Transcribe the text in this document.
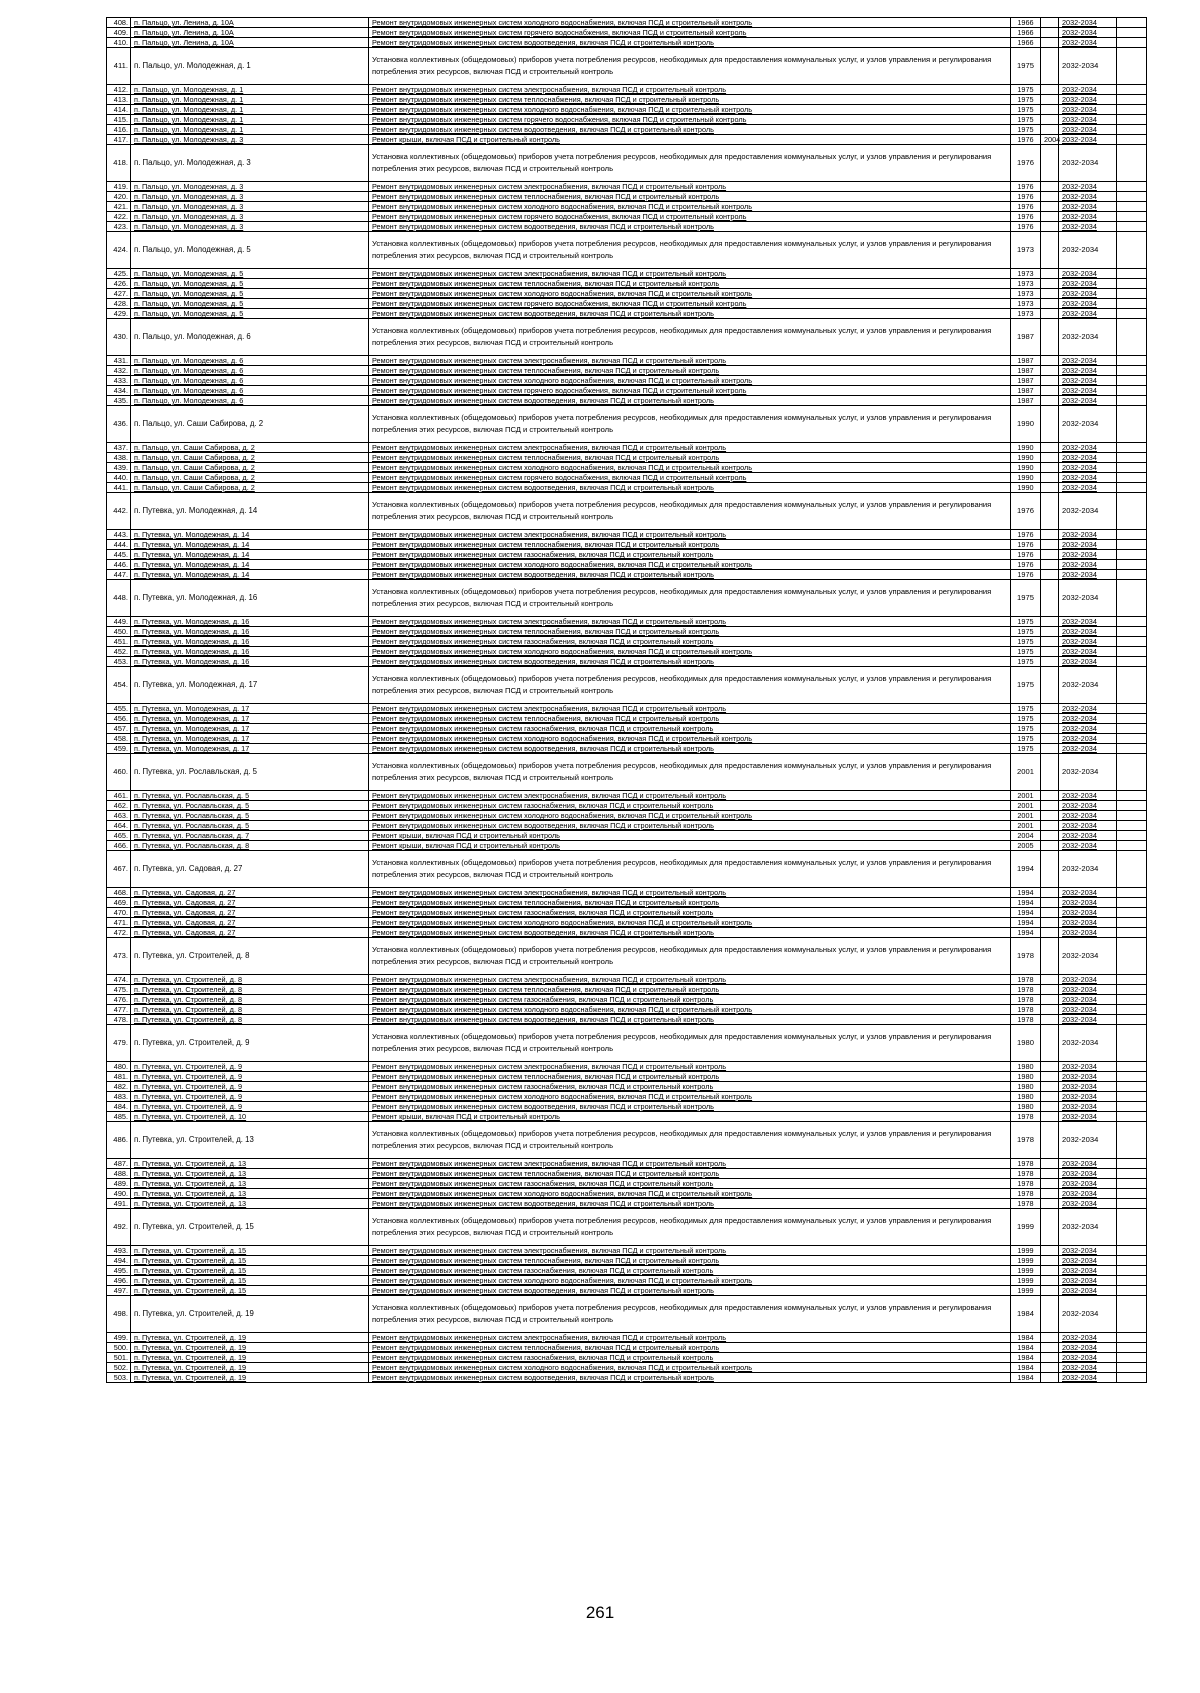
408.	п. Пальцо, ул. Ленина, д. 10А	Ремонт внутридомовых инженерных систем холодного водоснабжения, включая ПСД и строительный контроль	1966		2032-2034	
409.	п. Пальцо, ул. Ленина, д. 10А	Ремонт внутридомовых инженерных систем горячего водоснабжения, включая ПСД и строительный контроль	1966		2032-2034	
410.	п. Пальцо, ул. Ленина, д. 10А	Ремонт внутридомовых инженерных систем водоотведения, включая ПСД и строительный контроль	1966		2032-2034	
411.	п. Пальцо, ул. Молодежная, д. 1	Установка коллективных (общедомовых) приборов учета потребления ресурсов, необходимых для предоставления коммунальных услуг, и узлов управления и регулирования потребления этих ресурсов, включая ПСД и строительный контроль	1975		2032-2034	
412.	п. Пальцо, ул. Молодежная, д. 1	Ремонт внутридомовых инженерных систем электроснабжения, включая ПСД и строительный контроль	1975		2032-2034	
413.	п. Пальцо, ул. Молодежная, д. 1	Ремонт внутридомовых инженерных систем теплоснабжения, включая ПСД и строительный контроль	1975		2032-2034	
414.	п. Пальцо, ул. Молодежная, д. 1	Ремонт внутридомовых инженерных систем холодного водоснабжения, включая ПСД и строительный контроль	1975		2032-2034	
415.	п. Пальцо, ул. Молодежная, д. 1	Ремонт внутридомовых инженерных систем горячего водоснабжения, включая ПСД и строительный контроль	1975		2032-2034	
416.	п. Пальцо, ул. Молодежная, д. 1	Ремонт внутридомовых инженерных систем водоотведения, включая ПСД и строительный контроль	1975		2032-2034	
417.	п. Пальцо, ул. Молодежная, д. 3	Ремонт крыши, включая ПСД и строительный контроль	1976	2004	2032-2034	
418.	п. Пальцо, ул. Молодежная, д. 3	Установка коллективных (общедомовых) приборов учета потребления ресурсов, необходимых для предоставления коммунальных услуг, и узлов управления и регулирования потребления этих ресурсов, включая ПСД и строительный контроль	1976		2032-2034	
419.	п. Пальцо, ул. Молодежная, д. 3	Ремонт внутридомовых инженерных систем электроснабжения, включая ПСД и строительный контроль	1976		2032-2034	
420.	п. Пальцо, ул. Молодежная, д. 3	Ремонт внутридомовых инженерных систем теплоснабжения, включая ПСД и строительный контроль	1976		2032-2034	
421.	п. Пальцо, ул. Молодежная, д. 3	Ремонт внутридомовых инженерных систем холодного водоснабжения, включая ПСД и строительный контроль	1976		2032-2034	
422.	п. Пальцо, ул. Молодежная, д. 3	Ремонт внутридомовых инженерных систем горячего водоснабжения, включая ПСД и строительный контроль	1976		2032-2034	
423.	п. Пальцо, ул. Молодежная, д. 3	Ремонт внутридомовых инженерных систем водоотведения, включая ПСД и строительный контроль	1976		2032-2034	
424.	п. Пальцо, ул. Молодежная, д. 5	Установка коллективных (общедомовых) приборов учета потребления ресурсов, необходимых для предоставления коммунальных услуг, и узлов управления и регулирования потребления этих ресурсов, включая ПСД и строительный контроль	1973		2032-2034	
425.	п. Пальцо, ул. Молодежная, д. 5	Ремонт внутридомовых инженерных систем электроснабжения, включая ПСД и строительный контроль	1973		2032-2034	
426.	п. Пальцо, ул. Молодежная, д. 5	Ремонт внутридомовых инженерных систем теплоснабжения, включая ПСД и строительный контроль	1973		2032-2034	
427.	п. Пальцо, ул. Молодежная, д. 5	Ремонт внутридомовых инженерных систем холодного водоснабжения, включая ПСД и строительный контроль	1973		2032-2034	
428.	п. Пальцо, ул. Молодежная, д. 5	Ремонт внутридомовых инженерных систем горячего водоснабжения, включая ПСД и строительный контроль	1973		2032-2034	
429.	п. Пальцо, ул. Молодежная, д. 5	Ремонт внутридомовых инженерных систем водоотведения, включая ПСД и строительный контроль	1973		2032-2034	
430.	п. Пальцо, ул. Молодежная, д. 6	Установка коллективных (общедомовых) приборов учета потребления ресурсов, необходимых для предоставления коммунальных услуг, и узлов управления и регулирования потребления этих ресурсов, включая ПСД и строительный контроль	1987		2032-2034	
431.	п. Пальцо, ул. Молодежная, д. 6	Ремонт внутридомовых инженерных систем электроснабжения, включая ПСД и строительный контроль	1987		2032-2034	
432.	п. Пальцо, ул. Молодежная, д. 6	Ремонт внутридомовых инженерных систем теплоснабжения, включая ПСД и строительный контроль	1987		2032-2034	
433.	п. Пальцо, ул. Молодежная, д. 6	Ремонт внутридомовых инженерных систем холодного водоснабжения, включая ПСД и строительный контроль	1987		2032-2034	
434.	п. Пальцо, ул. Молодежная, д. 6	Ремонт внутридомовых инженерных систем горячего водоснабжения, включая ПСД и строительный контроль	1987		2032-2034	
435.	п. Пальцо, ул. Молодежная, д. 6	Ремонт внутридомовых инженерных систем водоотведения, включая ПСД и строительный контроль	1987		2032-2034	
436.	п. Пальцо, ул. Саши Сабирова, д. 2	Установка коллективных (общедомовых) приборов учета потребления ресурсов, необходимых для предоставления коммунальных услуг, и узлов управления и регулирования потребления этих ресурсов, включая ПСД и строительный контроль	1990		2032-2034	
437.	п. Пальцо, ул. Саши Сабирова, д. 2	Ремонт внутридомовых инженерных систем электроснабжения, включая ПСД и строительный контроль	1990		2032-2034	
438.	п. Пальцо, ул. Саши Сабирова, д. 2	Ремонт внутридомовых инженерных систем теплоснабжения, включая ПСД и строительный контроль	1990		2032-2034	
439.	п. Пальцо, ул. Саши Сабирова, д. 2	Ремонт внутридомовых инженерных систем холодного водоснабжения, включая ПСД и строительный контроль	1990		2032-2034	
440.	п. Пальцо, ул. Саши Сабирова, д. 2	Ремонт внутридомовых инженерных систем горячего водоснабжения, включая ПСД и строительный контроль	1990		2032-2034	
441.	п. Пальцо, ул. Саши Сабирова, д. 2	Ремонт внутридомовых инженерных систем водоотведения, включая ПСД и строительный контроль	1990		2032-2034	
442.	п. Путевка, ул. Молодежная, д. 14	Установка коллективных (общедомовых) приборов учета потребления ресурсов, необходимых для предоставления коммунальных услуг, и узлов управления и регулирования потребления этих ресурсов, включая ПСД и строительный контроль	1976		2032-2034	
443.	п. Путевка, ул. Молодежная, д. 14	Ремонт внутридомовых инженерных систем электроснабжения, включая ПСД и строительный контроль	1976		2032-2034	
444.	п. Путевка, ул. Молодежная, д. 14	Ремонт внутридомовых инженерных систем теплоснабжения, включая ПСД и строительный контроль	1976		2032-2034	
445.	п. Путевка, ул. Молодежная, д. 14	Ремонт внутридомовых инженерных систем газоснабжения, включая ПСД и строительный контроль	1976		2032-2034	
446.	п. Путевка, ул. Молодежная, д. 14	Ремонт внутридомовых инженерных систем холодного водоснабжения, включая ПСД и строительный контроль	1976		2032-2034	
447.	п. Путевка, ул. Молодежная, д. 14	Ремонт внутридомовых инженерных систем водоотведения, включая ПСД и строительный контроль	1976		2032-2034	
448.	п. Путевка, ул. Молодежная, д. 16	Установка коллективных (общедомовых) приборов учета потребления ресурсов, необходимых для предоставления коммунальных услуг, и узлов управления и регулирования потребления этих ресурсов, включая ПСД и строительный контроль	1975		2032-2034	
449.	п. Путевка, ул. Молодежная, д. 16	Ремонт внутридомовых инженерных систем электроснабжения, включая ПСД и строительный контроль	1975		2032-2034	
450.	п. Путевка, ул. Молодежная, д. 16	Ремонт внутридомовых инженерных систем теплоснабжения, включая ПСД и строительный контроль	1975		2032-2034	
451.	п. Путевка, ул. Молодежная, д. 16	Ремонт внутридомовых инженерных систем газоснабжения, включая ПСД и строительный контроль	1975		2032-2034	
452.	п. Путевка, ул. Молодежная, д. 16	Ремонт внутридомовых инженерных систем холодного водоснабжения, включая ПСД и строительный контроль	1975		2032-2034	
453.	п. Путевка, ул. Молодежная, д. 16	Ремонт внутридомовых инженерных систем водоотведения, включая ПСД и строительный контроль	1975		2032-2034	
454.	п. Путевка, ул. Молодежная, д. 17	Установка коллективных (общедомовых) приборов учета потребления ресурсов, необходимых для предоставления коммунальных услуг, и узлов управления и регулирования потребления этих ресурсов, включая ПСД и строительный контроль	1975		2032-2034	
455.	п. Путевка, ул. Молодежная, д. 17	Ремонт внутридомовых инженерных систем электроснабжения, включая ПСД и строительный контроль	1975		2032-2034	
456.	п. Путевка, ул. Молодежная, д. 17	Ремонт внутридомовых инженерных систем теплоснабжения, включая ПСД и строительный контроль	1975		2032-2034	
457.	п. Путевка, ул. Молодежная, д. 17	Ремонт внутридомовых инженерных систем газоснабжения, включая ПСД и строительный контроль	1975		2032-2034	
458.	п. Путевка, ул. Молодежная, д. 17	Ремонт внутридомовых инженерных систем холодного водоснабжения, включая ПСД и строительный контроль	1975		2032-2034	
459.	п. Путевка, ул. Молодежная, д. 17	Ремонт внутридомовых инженерных систем водоотведения, включая ПСД и строительный контроль	1975		2032-2034	
460.	п. Путевка, ул. Рославльская, д. 5	Установка коллективных (общедомовых) приборов учета потребления ресурсов, необходимых для предоставления коммунальных услуг, и узлов управления и регулирования потребления этих ресурсов, включая ПСД и строительный контроль	2001		2032-2034	
461.	п. Путевка, ул. Рославльская, д. 5	Ремонт внутридомовых инженерных систем электроснабжения, включая ПСД и строительный контроль	2001		2032-2034	
462.	п. Путевка, ул. Рославльская, д. 5	Ремонт внутридомовых инженерных систем газоснабжения, включая ПСД и строительный контроль	2001		2032-2034	
463.	п. Путевка, ул. Рославльская, д. 5	Ремонт внутридомовых инженерных систем холодного водоснабжения, включая ПСД и строительный контроль	2001		2032-2034	
464.	п. Путевка, ул. Рославльская, д. 5	Ремонт внутридомовых инженерных систем водоотведения, включая ПСД и строительный контроль	2001		2032-2034	
465.	п. Путевка, ул. Рославльская, д. 7	Ремонт крыши, включая ПСД и строительный контроль	2004		2032-2034	
466.	п. Путевка, ул. Рославльская, д. 8	Ремонт крыши, включая ПСД и строительный контроль	2005		2032-2034	
467.	п. Путевка, ул. Садовая, д. 27	Установка коллективных (общедомовых) приборов учета потребления ресурсов, необходимых для предоставления коммунальных услуг, и узлов управления и регулирования потребления этих ресурсов, включая ПСД и строительный контроль	1994		2032-2034	
468.	п. Путевка, ул. Садовая, д. 27	Ремонт внутридомовых инженерных систем электроснабжения, включая ПСД и строительный контроль	1994		2032-2034	
469.	п. Путевка, ул. Садовая, д. 27	Ремонт внутридомовых инженерных систем теплоснабжения, включая ПСД и строительный контроль	1994		2032-2034	
470.	п. Путевка, ул. Садовая, д. 27	Ремонт внутридомовых инженерных систем газоснабжения, включая ПСД и строительный контроль	1994		2032-2034	
471.	п. Путевка, ул. Садовая, д. 27	Ремонт внутридомовых инженерных систем холодного водоснабжения, включая ПСД и строительный контроль	1994		2032-2034	
472.	п. Путевка, ул. Садовая, д. 27	Ремонт внутридомовых инженерных систем водоотведения, включая ПСД и строительный контроль	1994		2032-2034	
473.	п. Путевка, ул. Строителей, д. 8	Установка коллективных (общедомовых) приборов учета потребления ресурсов, необходимых для предоставления коммунальных услуг, и узлов управления и регулирования потребления этих ресурсов, включая ПСД и строительный контроль	1978		2032-2034	
474.	п. Путевка, ул. Строителей, д. 8	Ремонт внутридомовых инженерных систем электроснабжения, включая ПСД и строительный контроль	1978		2032-2034	
475.	п. Путевка, ул. Строителей, д. 8	Ремонт внутридомовых инженерных систем теплоснабжения, включая ПСД и строительный контроль	1978		2032-2034	
476.	п. Путевка, ул. Строителей, д. 8	Ремонт внутридомовых инженерных систем газоснабжения, включая ПСД и строительный контроль	1978		2032-2034	
477.	п. Путевка, ул. Строителей, д. 8	Ремонт внутридомовых инженерных систем холодного водоснабжения, включая ПСД и строительный контроль	1978		2032-2034	
478.	п. Путевка, ул. Строителей, д. 8	Ремонт внутридомовых инженерных систем водоотведения, включая ПСД и строительный контроль	1978		2032-2034	
479.	п. Путевка, ул. Строителей, д. 9	Установка коллективных (общедомовых) приборов учета потребления ресурсов, необходимых для предоставления коммунальных услуг, и узлов управления и регулирования потребления этих ресурсов, включая ПСД и строительный контроль	1980		2032-2034	
480.	п. Путевка, ул. Строителей, д. 9	Ремонт внутридомовых инженерных систем электроснабжения, включая ПСД и строительный контроль	1980		2032-2034	
481.	п. Путевка, ул. Строителей, д. 9	Ремонт внутридомовых инженерных систем теплоснабжения, включая ПСД и строительный контроль	1980		2032-2034	
482.	п. Путевка, ул. Строителей, д. 9	Ремонт внутридомовых инженерных систем газоснабжения, включая ПСД и строительный контроль	1980		2032-2034	
483.	п. Путевка, ул. Строителей, д. 9	Ремонт внутридомовых инженерных систем холодного водоснабжения, включая ПСД и строительный контроль	1980		2032-2034	
484.	п. Путевка, ул. Строителей, д. 9	Ремонт внутридомовых инженерных систем водоотведения, включая ПСД и строительный контроль	1980		2032-2034	
485.	п. Путевка, ул. Строителей, д. 10	Ремонт крыши, включая ПСД и строительный контроль	1978		2032-2034	
486.	п. Путевка, ул. Строителей, д. 13	Установка коллективных (общедомовых) приборов учета потребления ресурсов, необходимых для предоставления коммунальных услуг, и узлов управления и регулирования потребления этих ресурсов, включая ПСД и строительный контроль	1978		2032-2034	
487.	п. Путевка, ул. Строителей, д. 13	Ремонт внутридомовых инженерных систем электроснабжения, включая ПСД и строительный контроль	1978		2032-2034	
488.	п. Путевка, ул. Строителей, д. 13	Ремонт внутридомовых инженерных систем теплоснабжения, включая ПСД и строительный контроль	1978		2032-2034	
489.	п. Путевка, ул. Строителей, д. 13	Ремонт внутридомовых инженерных систем газоснабжения, включая ПСД и строительный контроль	1978		2032-2034	
490.	п. Путевка, ул. Строителей, д. 13	Ремонт внутридомовых инженерных систем холодного водоснабжения, включая ПСД и строительный контроль	1978		2032-2034	
491.	п. Путевка, ул. Строителей, д. 13	Ремонт внутридомовых инженерных систем водоотведения, включая ПСД и строительный контроль	1978		2032-2034	
492.	п. Путевка, ул. Строителей, д. 15	Установка коллективных (общедомовых) приборов учета потребления ресурсов, необходимых для предоставления коммунальных услуг, и узлов управления и регулирования потребления этих ресурсов, включая ПСД и строительный контроль	1999		2032-2034	
493.	п. Путевка, ул. Строителей, д. 15	Ремонт внутридомовых инженерных систем электроснабжения, включая ПСД и строительный контроль	1999		2032-2034	
494.	п. Путевка, ул. Строителей, д. 15	Ремонт внутридомовых инженерных систем теплоснабжения, включая ПСД и строительный контроль	1999		2032-2034	
495.	п. Путевка, ул. Строителей, д. 15	Ремонт внутридомовых инженерных систем газоснабжения, включая ПСД и строительный контроль	1999		2032-2034	
496.	п. Путевка, ул. Строителей, д. 15	Ремонт внутридомовых инженерных систем холодного водоснабжения, включая ПСД и строительный контроль	1999		2032-2034	
497.	п. Путевка, ул. Строителей, д. 15	Ремонт внутридомовых инженерных систем водоотведения, включая ПСД и строительный контроль	1999		2032-2034	
498.	п. Путевка, ул. Строителей, д. 19	Установка коллективных (общедомовых) приборов учета потребления ресурсов, необходимых для предоставления коммунальных услуг, и узлов управления и регулирования потребления этих ресурсов, включая ПСД и строительный контроль	1984		2032-2034	
499.	п. Путевка, ул. Строителей, д. 19	Ремонт внутридомовых инженерных систем электроснабжения, включая ПСД и строительный контроль	1984		2032-2034	
500.	п. Путевка, ул. Строителей, д. 19	Ремонт внутридомовых инженерных систем теплоснабжения, включая ПСД и строительный контроль	1984		2032-2034	
501.	п. Путевка, ул. Строителей, д. 19	Ремонт внутридомовых инженерных систем газоснабжения, включая ПСД и строительный контроль	1984		2032-2034	
502.	п. Путевка, ул. Строителей, д. 19	Ремонт внутридомовых инженерных систем холодного водоснабжения, включая ПСД и строительный контроль	1984		2032-2034	
503.	п. Путевка, ул. Строителей, д. 19	Ремонт внутридомовых инженерных систем водоотведения, включая ПСД и строительный контроль	1984		2032-2034	
261
